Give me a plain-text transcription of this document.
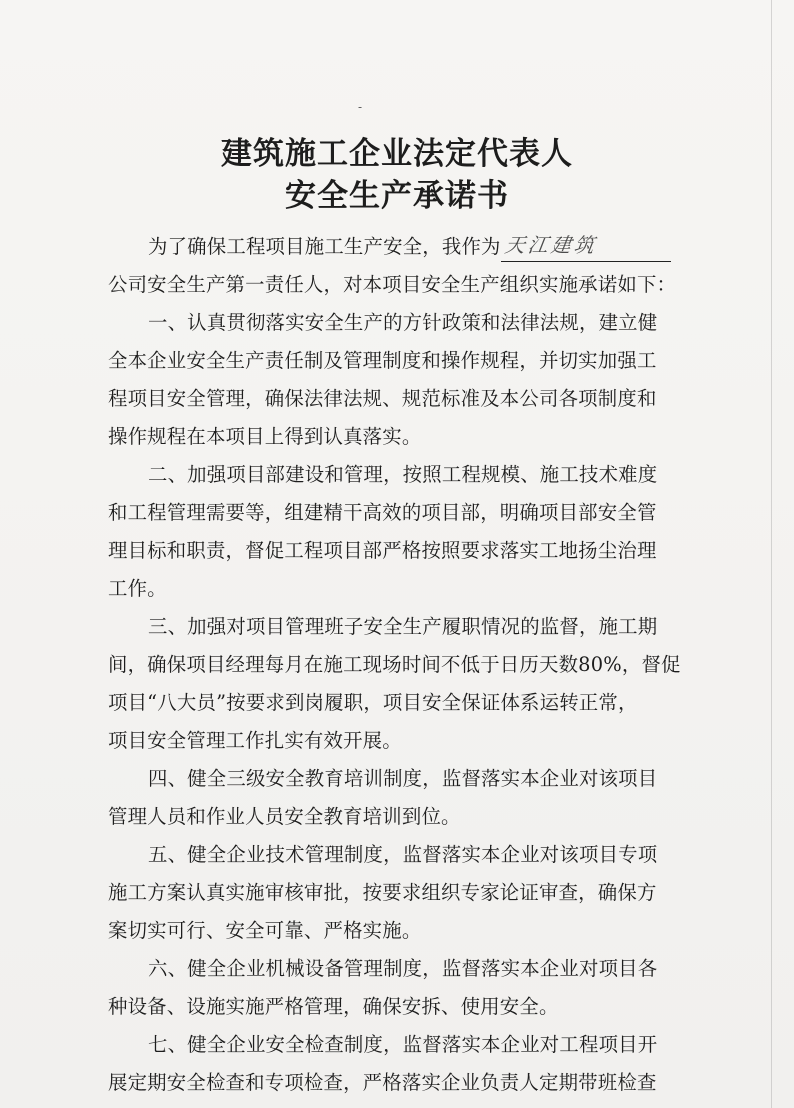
-
建筑施工企业法定代表人
安全生产承诺书
为了确保工程项目施工生产安全，我作为 天江建筑
公司安全生产第一责任人，对本项目安全生产组织实施承诺如下：
一、认真贯彻落实安全生产的方针政策和法律法规，建立健
全本企业安全生产责任制及管理制度和操作规程，并切实加强工
程项目安全管理，确保法律法规、规范标准及本公司各项制度和
操作规程在本项目上得到认真落实。
二、加强项目部建设和管理，按照工程规模、施工技术难度
和工程管理需要等，组建精干高效的项目部，明确项目部安全管
理目标和职责，督促工程项目部严格按照要求落实工地扬尘治理
工作。
三、加强对项目管理班子安全生产履职情况的监督，施工期
间，确保项目经理每月在施工现场时间不低于日历天数80%，督促
项目“八大员”按要求到岗履职，项目安全保证体系运转正常，
项目安全管理工作扎实有效开展。
四、健全三级安全教育培训制度，监督落实本企业对该项目
管理人员和作业人员安全教育培训到位。
五、健全企业技术管理制度，监督落实本企业对该项目专项
施工方案认真实施审核审批，按要求组织专家论证审查，确保方
案切实可行、安全可靠、严格实施。
六、健全企业机械设备管理制度，监督落实本企业对项目各
种设备、设施实施严格管理，确保安拆、使用安全。
七、健全企业安全检查制度，监督落实本企业对工程项目开
展定期安全检查和专项检查，严格落实企业负责人定期带班检查
